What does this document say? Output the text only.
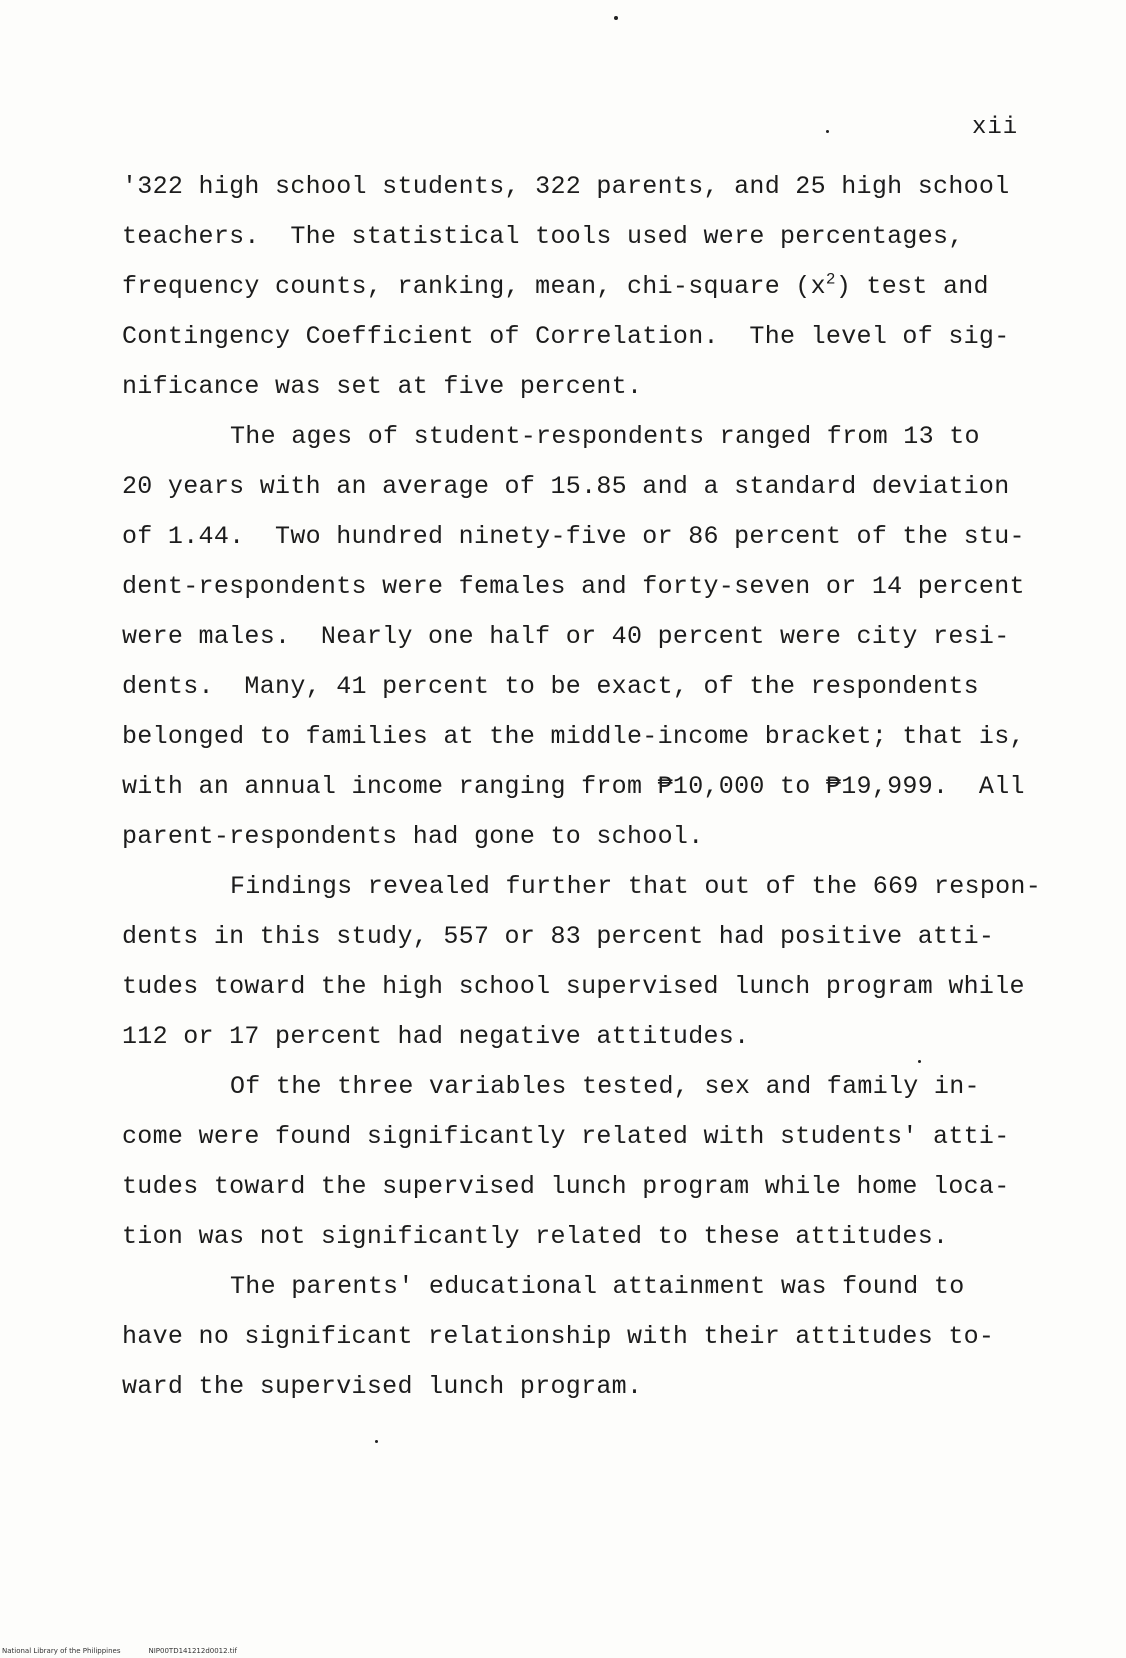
xii
'322 high school students, 322 parents, and 25 high school
teachers.  The statistical tools used were percentages,
frequency counts, ranking, mean, chi-square $(x^2)$ test and
Contingency Coefficient of Correlation.  The level of sig-
nificance was set at five percent.
The ages of student-respondents ranged from 13 to
20 years with an average of 15.85 and a standard deviation
of 1.44.  Two hundred ninety-five or 86 percent of the stu-
dent-respondents were females and forty-seven or 14 percent
were males.  Nearly one half or 40 percent were city resi-
dents.  Many, 41 percent to be exact, of the respondents
belonged to families at the middle-income bracket; that is,
with an annual income ranging from ₱10,000 to ₱19,999.  All
parent-respondents had gone to school.
Findings revealed further that out of the 669 respon-
dents in this study, 557 or 83 percent had positive atti-
tudes toward the high school supervised lunch program while
112 or 17 percent had negative attitudes.
Of the three variables tested, sex and family in-
come were found significantly related with students' atti-
tudes toward the supervised lunch program while home loca-
tion was not significantly related to these attitudes.
The parents' educational attainment was found to
have no significant relationship with their attitudes to-
ward the supervised lunch program.
National Library of the Philippines	NIP00TD141212d0012.tif
